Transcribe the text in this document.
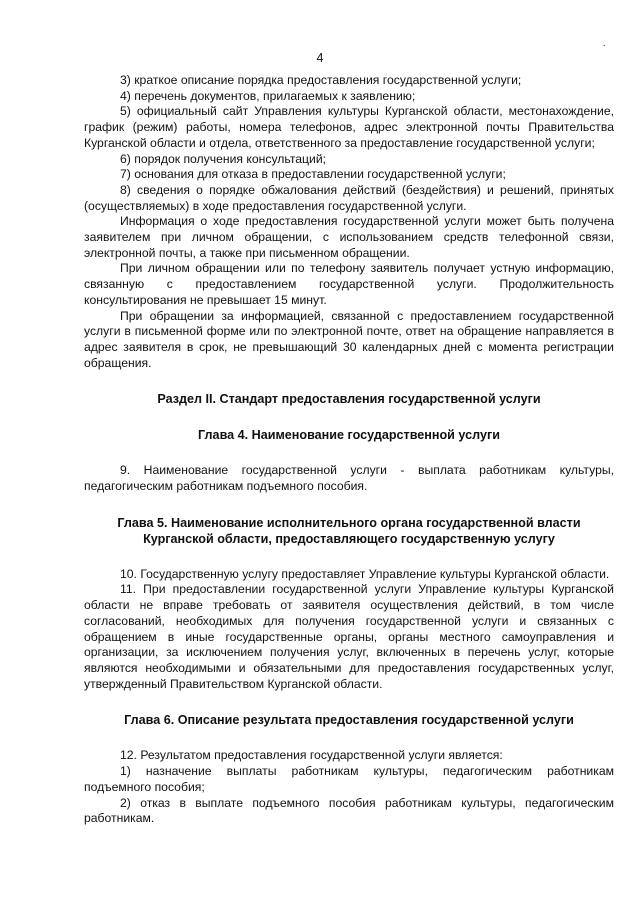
4
.

3) краткое описание порядка предоставления государственной услуги;

4) перечень документов, прилагаемых к заявлению;

5) официальный сайт Управления культуры Курганской области, местонахождение, график (режим) работы, номера телефонов, адрес электронной почты Правительства Курганской области и отдела, ответственного за предоставление государственной услуги;

6) порядок получения консультаций;

7) основания для отказа в предоставлении государственной услуги;

8) сведения о порядке обжалования действий (бездействия) и решений, принятых (осуществляемых) в ходе предоставления государственной услуги.

Информация о ходе предоставления государственной услуги может быть получена заявителем при личном обращении, с использованием средств телефонной связи, электронной почты, а также при письменном обращении.

При личном обращении или по телефону заявитель получает устную информацию, связанную с предоставлением государственной услуги. Продолжительность консультирования не превышает 15 минут.

При обращении за информацией, связанной с предоставлением государственной услуги в письменной форме или по электронной почте, ответ на обращение направляется в адрес заявителя в срок, не превышающий 30 календарных дней с момента регистрации обращения.

Раздел II. Стандарт предоставления государственной услуги

Глава 4. Наименование государственной услуги

9. Наименование государственной услуги - выплата работникам культуры, педагогическим работникам подъемного пособия.

Глава 5. Наименование исполнительного органа государственной власти Курганской области, предоставляющего государственную услугу

10. Государственную услугу предоставляет Управление культуры Курганской области.

11. При предоставлении государственной услуги Управление культуры Курганской области не вправе требовать от заявителя осуществления действий, в том числе согласований, необходимых для получения государственной услуги и связанных с обращением в иные государственные органы, органы местного самоуправления и организации, за исключением получения услуг, включенных в перечень услуг, которые являются необходимыми и обязательными для предоставления государственных услуг, утвержденный Правительством Курганской области.

Глава 6. Описание результата предоставления государственной услуги

12. Результатом предоставления государственной услуги является:

1) назначение выплаты работникам культуры, педагогическим работникам подъемного пособия;

2) отказ в выплате подъемного пособия работникам культуры, педагогическим работникам.
